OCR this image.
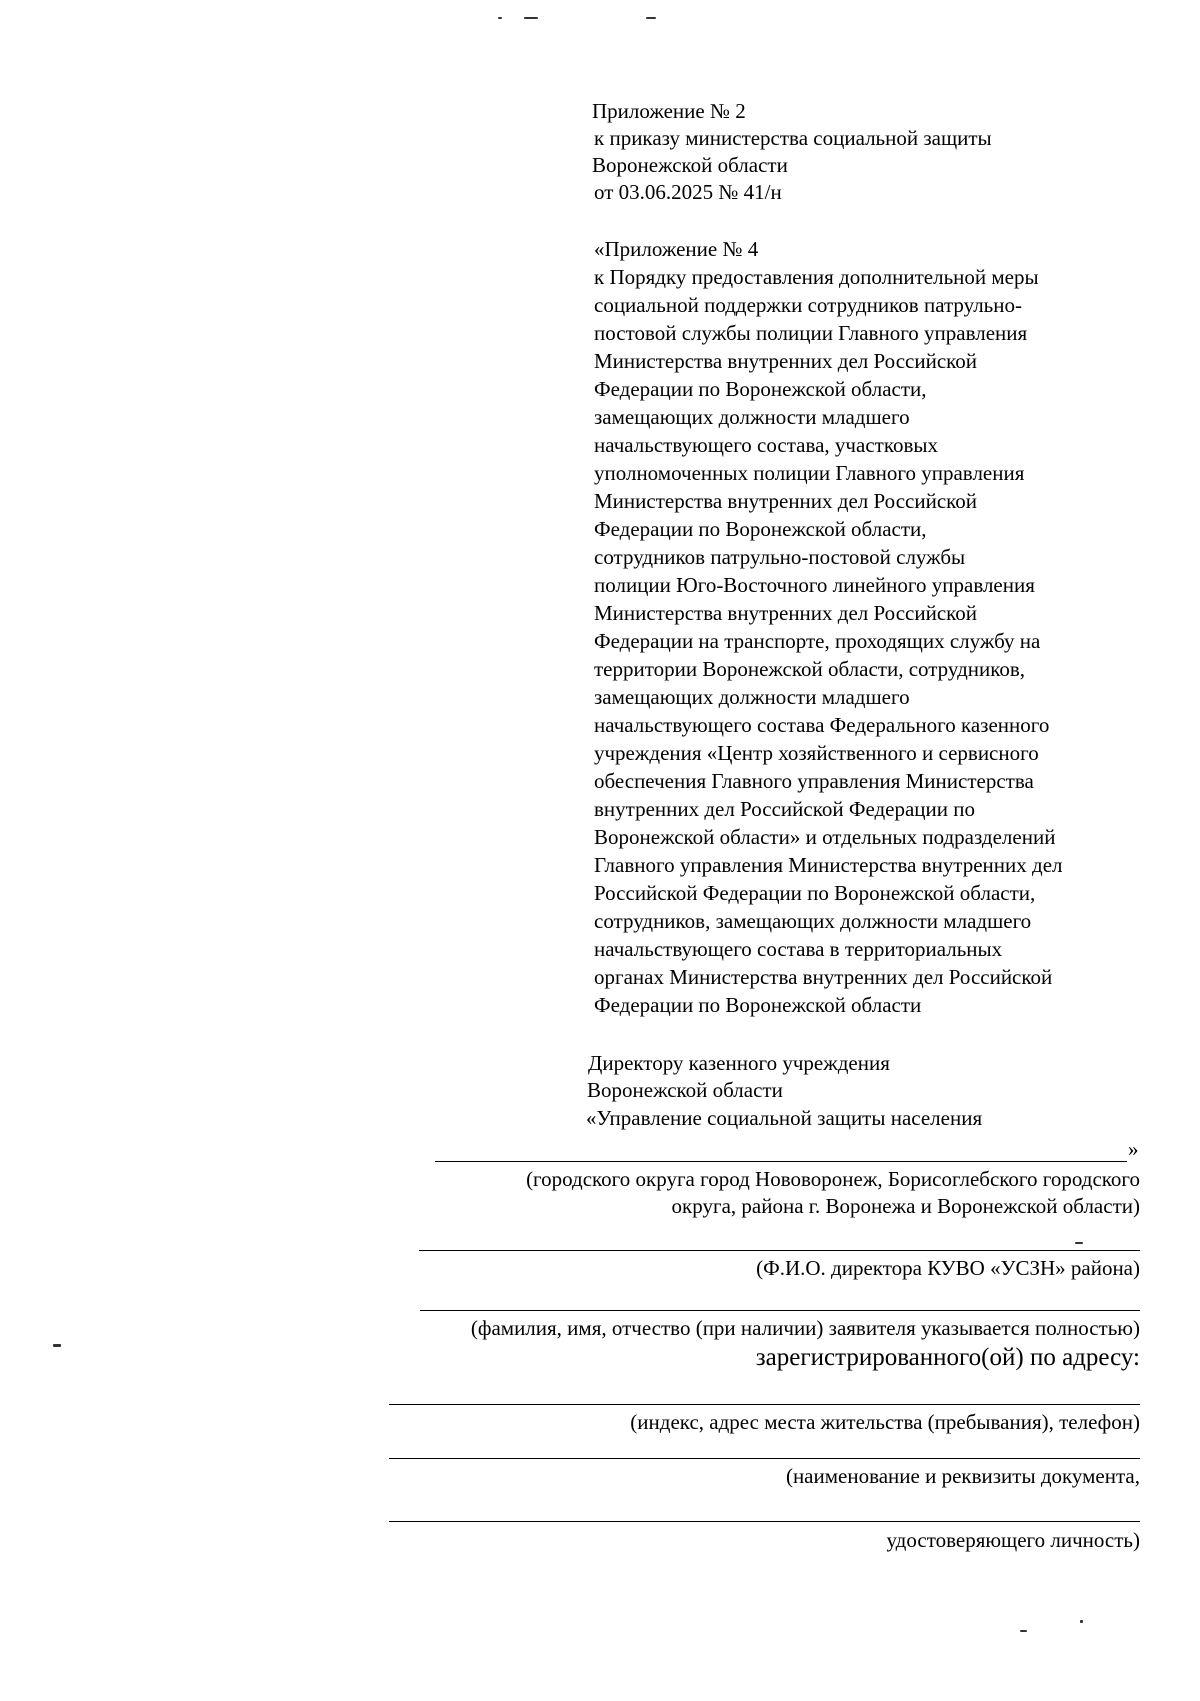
Приложение № 2
к приказу министерства социальной защиты
Воронежской области
от 03.06.2025 № 41/н
«Приложение № 4
к Порядку предоставления дополнительной меры
социальной поддержки сотрудников патрульно-
постовой службы полиции Главного управления
Министерства внутренних дел Российской
Федерации по Воронежской области,
замещающих должности младшего
начальствующего состава, участковых
уполномоченных полиции Главного управления
Министерства внутренних дел Российской
Федерации по Воронежской области,
сотрудников патрульно-постовой службы
полиции Юго-Восточного линейного управления
Министерства внутренних дел Российской
Федерации на транспорте, проходящих службу на
территории Воронежской области, сотрудников,
замещающих должности младшего
начальствующего состава Федерального казенного
учреждения «Центр хозяйственного и сервисного
обеспечения Главного управления Министерства
внутренних дел Российской Федерации по
Воронежской области» и отдельных подразделений
Главного управления Министерства внутренних дел
Российской Федерации по Воронежской области,
сотрудников, замещающих должности младшего
начальствующего состава в территориальных
органах Министерства внутренних дел Российской
Федерации по Воронежской области
Директору казенного учреждения
Воронежской области
«Управление социальной защиты населения
»
(городского округа город Нововоронеж, Борисоглебского городского
округа, района г. Воронежа и Воронежской области)
(Ф.И.О. директора КУВО «УСЗН» района)
(фамилия, имя, отчество (при наличии) заявителя указывается полностью)
зарегистрированного(ой) по адресу:
(индекс, адрес места жительства (пребывания), телефон)
(наименование и реквизиты документа,
удостоверяющего личность)
